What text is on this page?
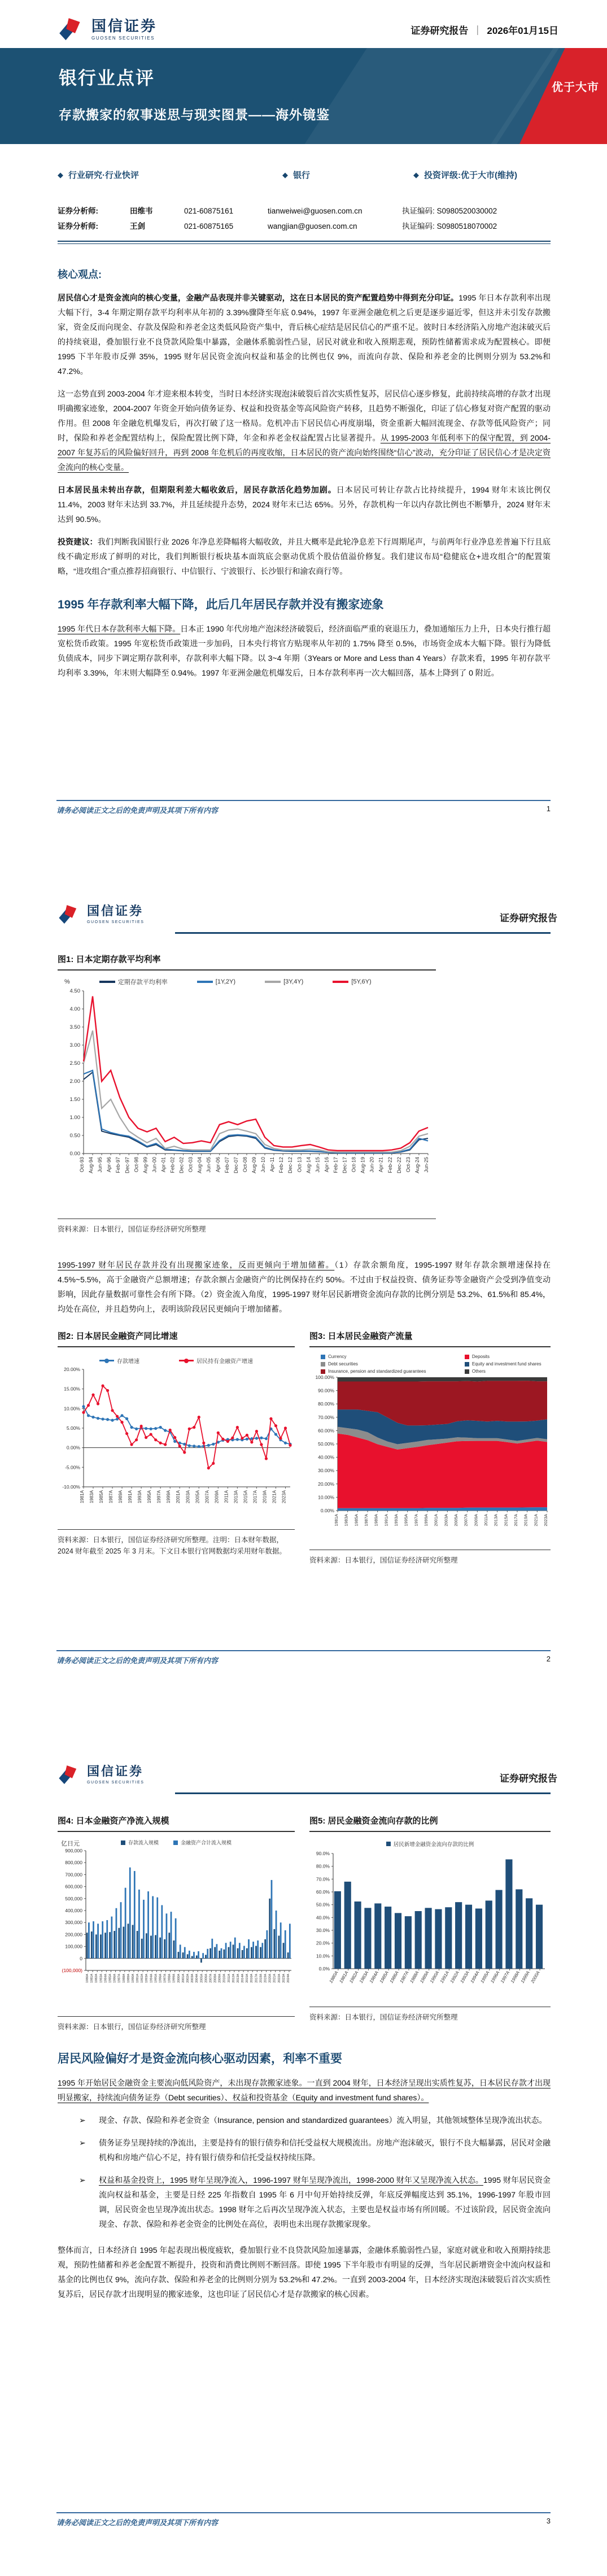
国信证券
GUOSEN SECURITIES
证券研究报告 ｜ 2026年01月15日
优于大市
银行业点评
存款搬家的叙事迷思与现实图景——海外镜鉴
◆ 行业研究·行业快评	◆ 银行	◆ 投资评级:优于大市(维持)
证券分析师:	田维韦	021-60875161	tianweiwei@guosen.com.cn	执证编码: S0980520030002
证券分析师:	王剑	021-60875165	wangjian@guosen.com.cn	执证编码: S0980518070002
核心观点:

居民信心才是资金流向的核心变量，金融产品表现并非关键驱动，这在日本居民的资产配置趋势中得到充分印证。1995 年日本存款利率出现大幅下行，3-4 年期定期存款平均利率从年初的 3.39%骤降至年底 0.94%，1997 年亚洲金融危机之后更是逐步逼近零，但这并未引发存款搬家，资金反而向现金、存款及保险和养老金这类低风险资产集中，背后核心症结是居民信心的严重不足。彼时日本经济陷入房地产泡沫破灭后的持续衰退，叠加银行业不良贷款风险集中暴露，金融体系脆弱性凸显，居民对就业和收入预期悲观，预防性储蓄需求成为配置核心。即便 1995 下半年股市反弹 35%，1995 财年居民资金流向权益和基金的比例也仅 9%，而流向存款、保险和养老金的比例则分别为 53.2%和 47.2%。

这一态势直到 2003-2004 年才迎来根本转变，当时日本经济实现泡沫破裂后首次实质性复苏，居民信心逐步修复，此前持续高增的存款才出现明确搬家迹象，2004-2007 年资金开始向债务证券、权益和投资基金等高风险资产转移，且趋势不断强化，印证了信心修复对资产配置的驱动作用。但 2008 年金融危机爆发后，再次打破了这一格局。危机冲击下居民信心再度崩塌，资金重新大幅回流现金、存款等低风险资产；同时，保险和养老金配置结构上，保险配置比例下降，年金和养老金权益配置占比显著提升。从 1995-2003 年低利率下的保守配置，到 2004-2007 年复苏后的风险偏好回升，再到 2008 年危机后的再度收缩，日本居民的资产流向始终围绕“信心”波动，充分印证了居民信心才是决定资金流向的核心变量。

日本居民虽未转出存款，但期限利差大幅收敛后，居民存款活化趋势加剧。日本居民可转让存款占比持续提升，1994 财年末该比例仅 11.4%，2003 财年末达到 33.7%，并且延续提升态势，2024 财年末已达 65%。另外，存款机构一年以内存款比例也不断攀升，2024 财年末达到 90.5%。

投资建议：我们判断我国银行业 2026 年净息差降幅将大幅收敛，并且大概率是此轮净息差下行周期尾声，与前两年行业净息差普遍下行且底线不确定形成了鲜明的对比，我们判断银行板块基本面筑底会驱动优质个股估值溢价修复。我们建议布局“稳健底仓+进攻组合”的配置策略，“进攻组合”重点推荐招商银行、中信银行、宁波银行、长沙银行和渝农商行等。

1995 年存款利率大幅下降，此后几年居民存款并没有搬家迹象

1995 年代日本存款利率大幅下降。日本正 1990 年代房地产泡沫经济破裂后，经济面临严重的衰退压力，叠加通缩压力上升，日本央行推行超宽松货币政策。1995 年宽松货币政策进一步加码，日本央行将官方贴现率从年初的 1.75% 降至 0.5%，市场资金成本大幅下降。银行为降低负债成本，同步下调定期存款利率，存款利率大幅下降。以 3~4 年期（3Years or More and Less than 4 Years）存款来看，1995 年初存款平均利率 3.39%，年末则大幅降至 0.94%。1997 年亚洲金融危机爆发后，日本存款利率再一次大幅回落，基本上降到了 0 附近。

请务必阅读正文之后的免责声明及其项下所有内容	1
国信证券
GUOSEN SECURITIES	证券研究报告
图1: 日本定期存款平均利率
%	定期存款平均利率	[1Y,2Y)	[3Y,4Y)	[5Y,6Y)
0.00
0.50
1.00
1.50
2.00
2.50
3.00
3.50
4.00
4.50
Oct-93 Aug-94 Jun-95 Apr-96 Feb-97 Dec-97 Oct-98 Aug-99 Jun-00 Apr-01 Feb-02 Dec-02 Oct-03 Aug-04 Jun-05 Apr-06 Feb-07 Dec-07 Oct-08 Aug-09 Jun-10 Apr-11 Feb-12 Dec-12 Oct-13 Aug-14 Jun-15 Apr-16 Feb-17 Dec-17 Oct-18 Aug-19 Jun-20 Apr-21 Feb-22 Dec-22 Oct-23 Aug-24 Jun-25
资料来源：日本银行，国信证券经济研究所整理

1995-1997 财年居民存款并没有出现搬家迹象，反而更倾向于增加储蓄。（1）存款余额角度，1995-1997 财年存款余额增速保持在 4.5%~5.5%，高于金融资产总额增速；存款余额占金融资产的比例保持在约 50%。不过由于权益投资、债务证券等金融资产会受到净值变动影响，因此存量数据可靠性会有所下降。（2）资金流入角度，1995-1997 财年居民新增资金流向存款的比例分别是 53.2%、61.5%和 85.4%，均处在高位，并且趋势向上，表明该阶段居民更倾向于增加储蓄。

图2: 日本居民金融资产同比增速
存款增速	居民持有金融资产增速
-10.00%
-5.00%
0.00%
5.00%
10.00%
15.00%
20.00%
1981A 1983A 1985A 1987A 1989A 1991A 1993A 1995A 1997A 1999A 2001A 2003A 2005A 2007A 2009A 2011A 2013A 2015A 2017A 2019A 2021A 2023A
资料来源：日本银行，国信证券经济研究所整理。注明：日本财年数据，2024 财年截至 2025 年 3 月末。下文日本银行官网数据均采用财年数据。
图3: 日本居民金融资产流量
Currency	Deposits
Debt securities	Equity and investment fund shares
Insurance, pension and standardized guarantees	Others
0.00%
10.00%
20.00%
30.00%
40.00%
50.00%
60.00%
70.00%
80.00%
90.00%
100.00%
1981A 1983A 1985A 1987A 1989A 1991A 1993A 1995A 1997A 1999A 2001A 2003A 2005A 2007A 2009A 2011A 2013A 2015A 2017A 2019A 2021A 2023A
资料来源：日本银行，国信证券经济研究所整理
请务必阅读正文之后的免责声明及其项下所有内容	2
国信证券
GUOSEN SECURITIES	证券研究报告
图4: 日本金融资产净流入规模
亿日元	存款流入规模	金融资产合计流入规模
(100,000)
0
100,000
200,000
300,000
400,000
500,000
600,000
700,000
800,000
900,000
1980A 1981A 1982A 1983A 1984A 1985A 1986A 1987A 1988A 1989A 1990A 1991A 1992A 1993A 1994A 1995A 1996A 1997A 1998A 1999A 2000A 2001A 2002A 2003A 2004A 2005A 2006A 2007A 2008A 2009A 2010A 2011A 2012A 2013A 2014A 2015A 2016A 2017A 2018A 2019A 2020A 2021A 2022A 2023A 2024A
资料来源：日本银行，国信证券经济研究所整理
图5: 居民金融资金流向存款的比例
居民新增金融资金流向存款的比例
0.0%
10.0%
20.0%
30.0%
40.0%
50.0%
60.0%
70.0%
80.0%
90.0%
1980A
1981A
1982A
1983A
1984A
1985A
1986A
1987A
1988A
1989A
1990A
1991A
1992A
1993A
1994A
1995A
1996A
1997A
1998A
1999A
2000A
资料来源：日本银行，国信证券经济研究所整理
居民风险偏好才是资金流向核心驱动因素，利率不重要

1995 年开始居民金融资金主要流向低风险资产，未出现存款搬家迹象。一直到 2004 财年，日本经济呈现出实质性复苏，日本居民存款才出现明显搬家，持续流向债务证券（Debt securities）、权益和投资基金（Equity and investment fund shares）。

➢	现金、存款、保险和养老金资金（Insurance, pension and standardized guarantees）流入明显，其他领域整体呈现净流出状态。
➢	债务证券呈现持续的净流出，主要是持有的银行债券和信托受益权大规模流出。房地产泡沫破灭，银行不良大幅暴露，居民对金融机构和房地产信心不足，持有银行债券和信托受益权持续压降。
➢	权益和基金投资上，1995 财年呈现净流入，1996-1997 财年呈现净流出，1998-2000 财年又呈现净流入状态。1995 财年居民资金流向权益和基金，主要是日经 225 年指数自 1995 年 6 月中旬开始持续反弹，年底反弹幅度达到 35.1%，1996-1997 年股市回调，居民资金也呈现净流出状态。1998 财年之后再次呈现净流入状态，主要也是权益市场有所回暖。不过该阶段，居民资金流向现金、存款、保险和养老金资金的比例处在高位，表明也未出现存款搬家现象。

整体而言，日本经济自 1995 年起表现出极度疲软，叠加银行业不良贷款风险加速暴露，金融体系脆弱性凸显，家庭对就业和收入预期持续悲观，预防性储蓄和养老金配置不断提升，投资和消费比例则不断回落。即使 1995 下半年股市有明显的反弹，当年居民新增资金中流向权益和基金的比例也仅 9%，流向存款、保险和养老金的比例则分别为 53.2%和 47.2%。一直到 2003-2004 年，日本经济实现泡沫破裂后首次实质性复苏后，居民存款才出现明显的搬家迹象，这也印证了居民信心才是存款搬家的核心因素。

请务必阅读正文之后的免责声明及其项下所有内容	3
